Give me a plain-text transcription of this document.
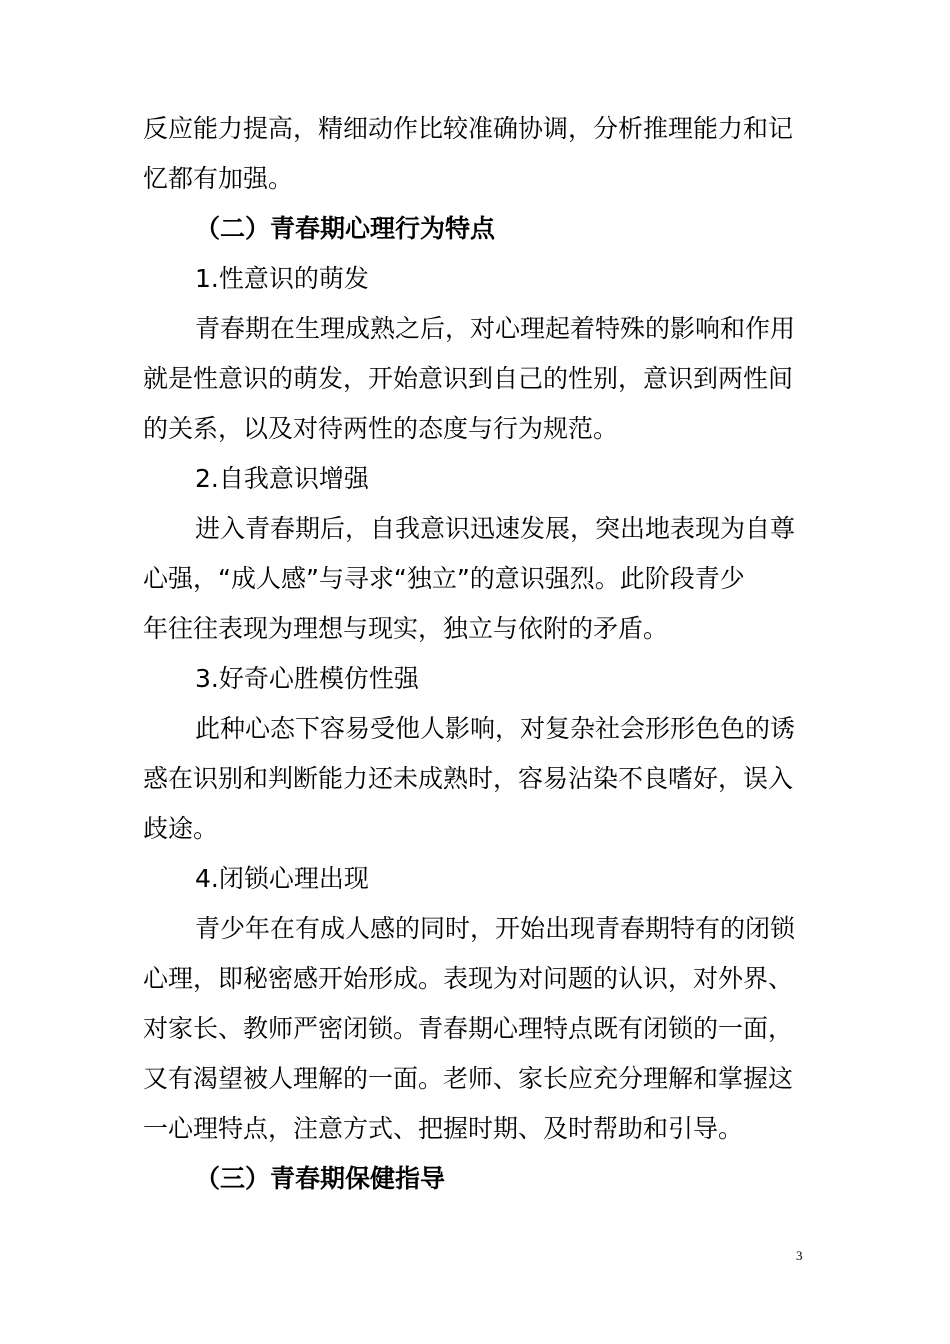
反应能力提高，精细动作比较准确协调，分析推理能力和记
忆都有加强。
（二）青春期心理行为特点
1.性意识的萌发
青春期在生理成熟之后，对心理起着特殊的影响和作用
就是性意识的萌发，开始意识到自己的性别，意识到两性间
的关系，以及对待两性的态度与行为规范。
2.自我意识增强
进入青春期后，自我意识迅速发展，突出地表现为自尊
心强，“成人感”与寻求“独立”的意识强烈。此阶段青少
年往往表现为理想与现实，独立与依附的矛盾。
3.好奇心胜模仿性强
此种心态下容易受他人影响，对复杂社会形形色色的诱
惑在识别和判断能力还未成熟时，容易沾染不良嗜好，误入
歧途。
4.闭锁心理出现
青少年在有成人感的同时，开始出现青春期特有的闭锁
心理，即秘密感开始形成。表现为对问题的认识，对外界、
对家长、教师严密闭锁。青春期心理特点既有闭锁的一面，
又有渴望被人理解的一面。老师、家长应充分理解和掌握这
一心理特点，注意方式、把握时期、及时帮助和引导。
（三）青春期保健指导
3
